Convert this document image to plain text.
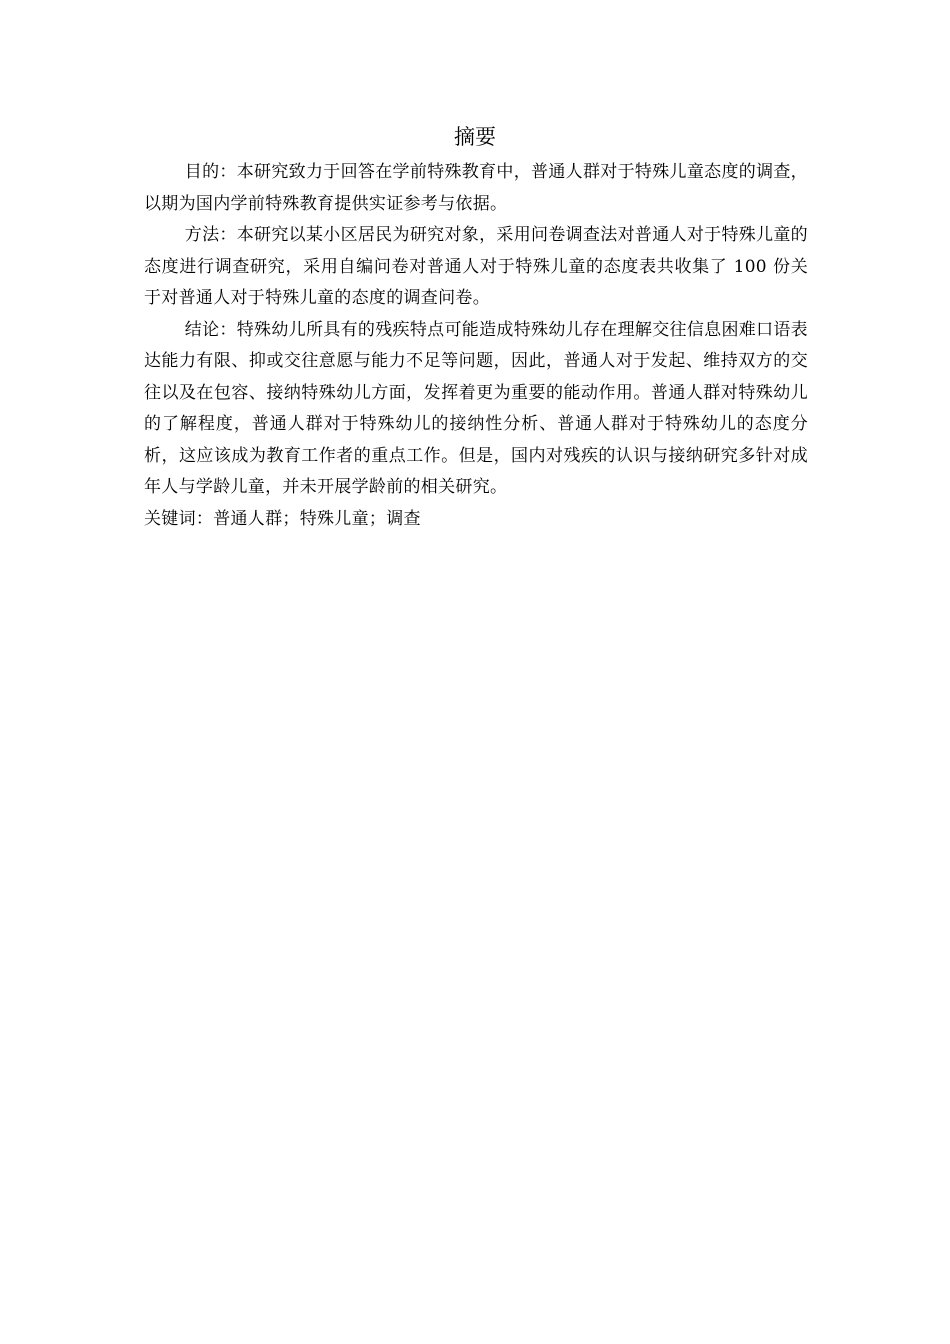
摘要

目的：本研究致力于回答在学前特殊教育中，普通人群对于特殊儿童态度的调查，以期为国内学前特殊教育提供实证参考与依据。

方法：本研究以某小区居民为研究对象，采用问卷调查法对普通人对于特殊儿童的态度进行调查研究，采用自编问卷对普通人对于特殊儿童的态度表共收集了 100 份关于对普通人对于特殊儿童的态度的调查问卷。

结论：特殊幼儿所具有的残疾特点可能造成特殊幼儿存在理解交往信息困难口语表达能力有限、抑或交往意愿与能力不足等问题，因此，普通人对于发起、维持双方的交往以及在包容、接纳特殊幼儿方面，发挥着更为重要的能动作用。普通人群对特殊幼儿的了解程度，普通人群对于特殊幼儿的接纳性分析、普通人群对于特殊幼儿的态度分析，这应该成为教育工作者的重点工作。但是，国内对残疾的认识与接纳研究多针对成年人与学龄儿童，并未开展学龄前的相关研究。

关键词：普通人群；特殊儿童；调查
